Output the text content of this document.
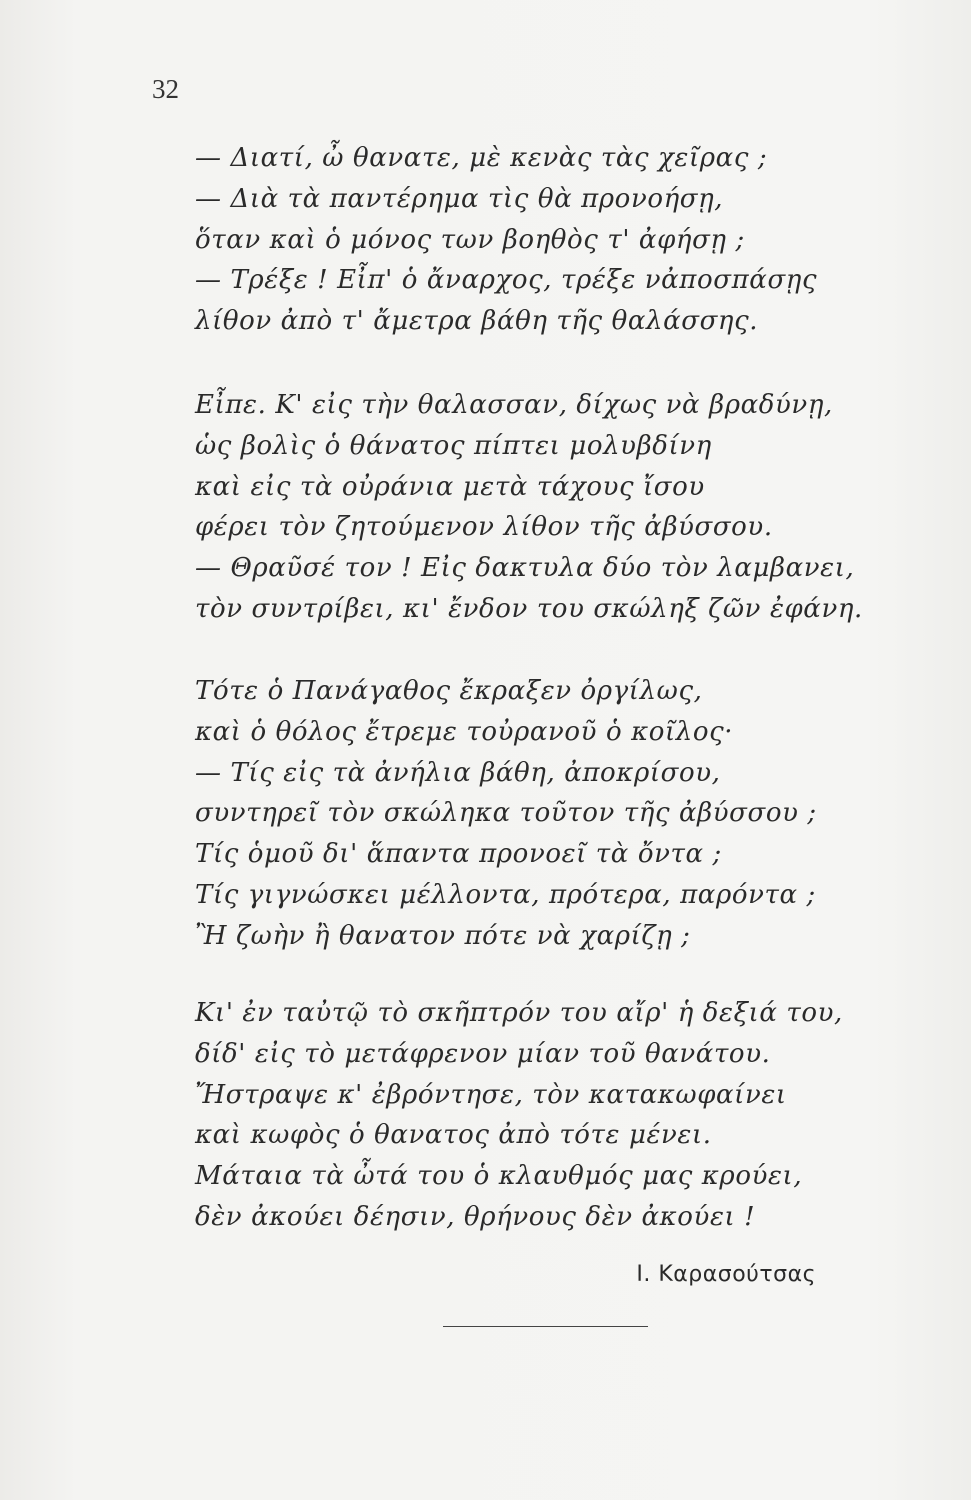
32
— Διατί, ὦ θανατε, μὲ κενὰς τὰς χεῖρας ;
— Διὰ τὰ παντέρημα τὶς θὰ προνοήσῃ,
ὅταν καὶ ὁ μόνος των βοηθὸς τ' ἀφήσῃ ;
— Τρέξε ! Εἶπ' ὁ ἄναρχος, τρέξε νἀποσπάσῃς
λίθον ἀπὸ τ' ἄμετρα βάθη τῆς θαλάσσης.
Εἶπε. Κ' εἰς τὴν θαλασσαν, δίχως νὰ βραδύνῃ,
ὡς βολὶς ὁ θάνατος πίπτει μολυβδίνη
καὶ εἰς τὰ οὐράνια μετὰ τάχους ἴσου
φέρει τὸν ζητούμενον λίθον τῆς ἀβύσσου.
— Θραῦσέ τον ! Εἰς δακτυλα δύο τὸν λαμβανει,
τὸν συντρίβει, κι' ἔνδον του σκώληξ ζῶν ἐφάνη.
Τότε ὁ Πανάγαθος ἔκραξεν ὀργίλως,
καὶ ὁ θόλος ἔτρεμε τοὐρανοῦ ὁ κοῖλος·
— Τίς εἰς τὰ ἀνήλια βάθη, ἀποκρίσου,
συντηρεῖ τὸν σκώληκα τοῦτον τῆς ἀβύσσου ;
Τίς ὁμοῦ δι' ἅπαντα προνοεῖ τὰ ὄντα ;
Τίς γιγνώσκει μέλλοντα, πρότερα, παρόντα ;
Ἢ ζωὴν ἢ θανατον πότε νὰ χαρίζῃ ;
Κι' ἐν ταὐτῷ τὸ σκῆπτρόν του αἴρ' ἡ δεξιά του,
δίδ' εἰς τὸ μετάφρενον μίαν τοῦ θανάτου.
Ἤστραψε κ' ἐβρόντησε, τὸν κατακωφαίνει
καὶ κωφὸς ὁ θανατος ἀπὸ τότε μένει.
Μάταια τὰ ὦτά του ὁ κλαυθμός μας κρούει,
δὲν ἀκούει δέησιν, θρήνους δὲν ἀκούει !
Ι. Καρασούτσας
